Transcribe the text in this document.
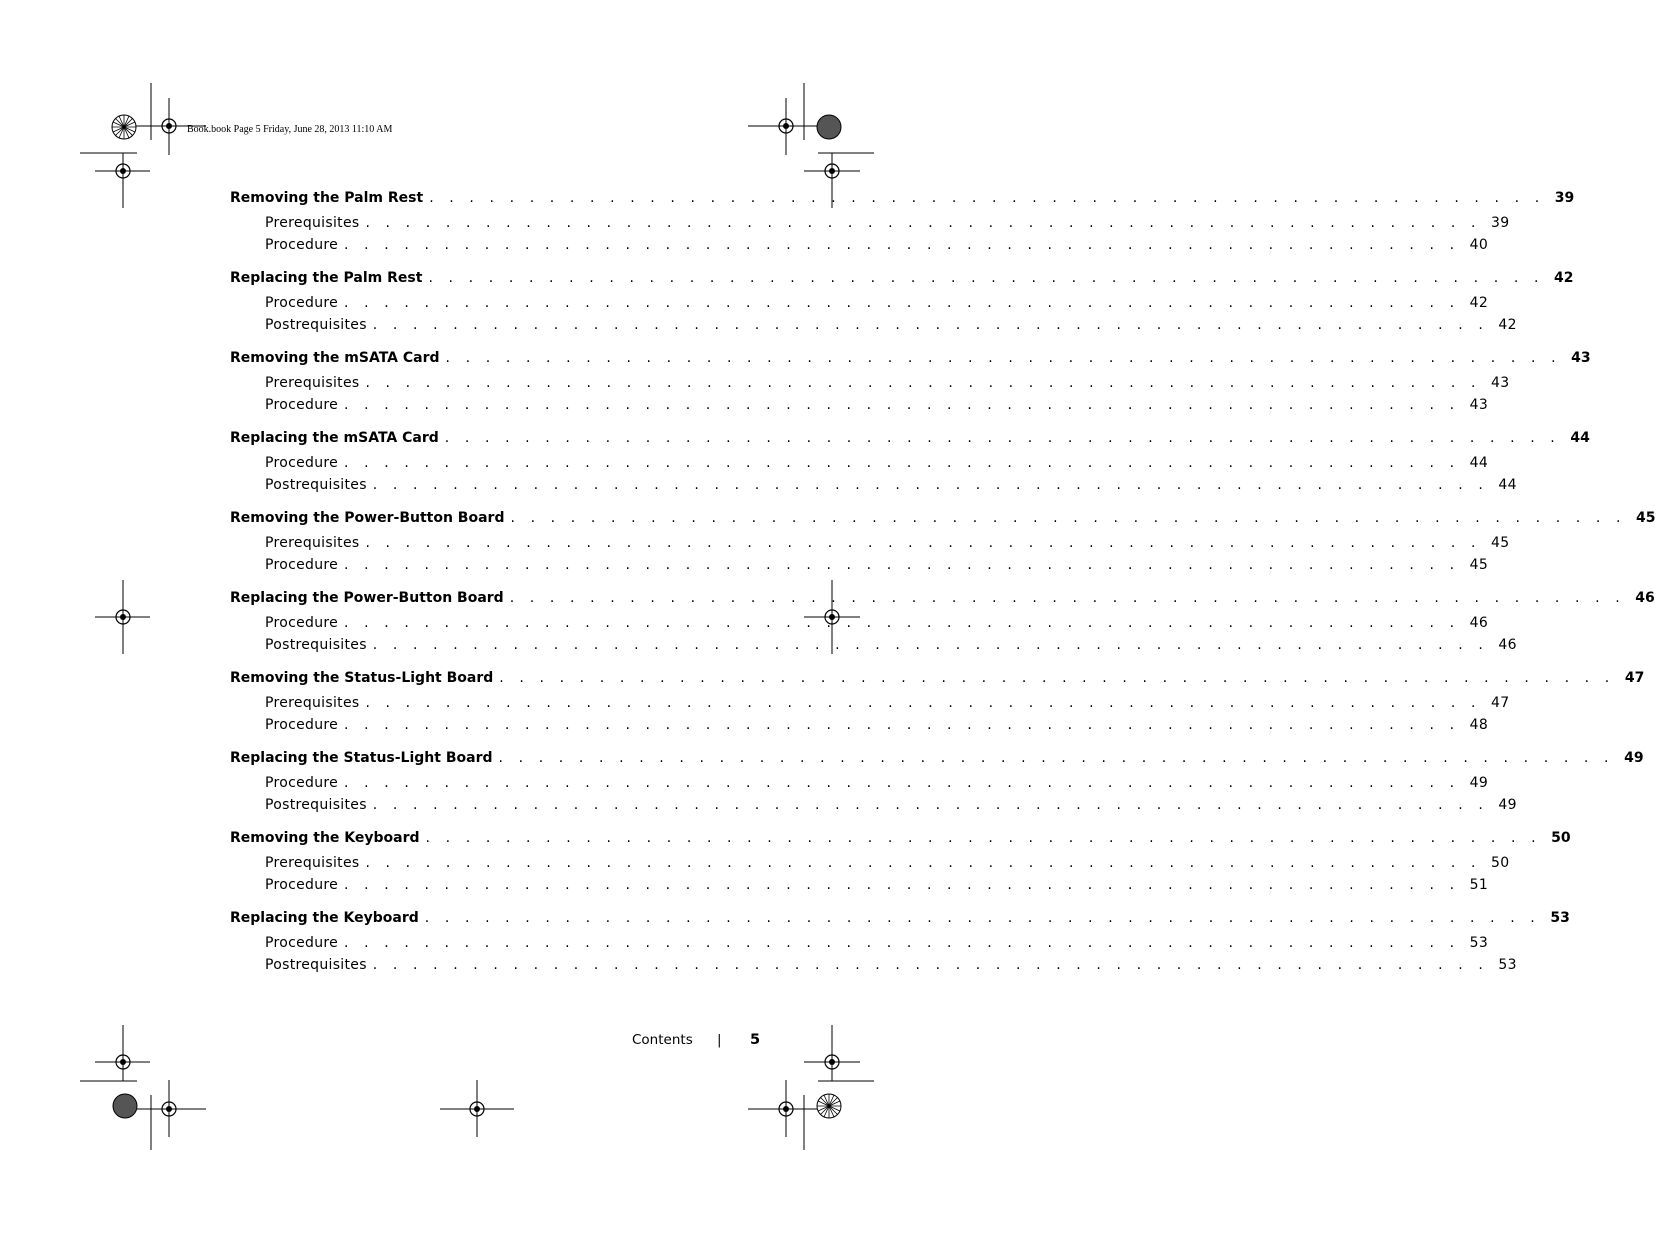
Book.book Page 5 Friday, June 28, 2013 11:10 AM
Removing the Palm Rest . . . . . . . . . . . . . . . . . . . . . . . . . . . . . . . . . . . . . . . . . . . . . . . . . . . . . . . . 39
Prerequisites . . . . . . . . . . . . . . . . . . . . . . . . . . . . . . . . . . . . . . . . . . . . . . . . . . . . . . . . 39
Procedure . . . . . . . . . . . . . . . . . . . . . . . . . . . . . . . . . . . . . . . . . . . . . . . . . . . . . . . . 40
Replacing the Palm Rest . . . . . . . . . . . . . . . . . . . . . . . . . . . . . . . . . . . . . . . . . . . . . . . . . . . . . . . . 42
Procedure . . . . . . . . . . . . . . . . . . . . . . . . . . . . . . . . . . . . . . . . . . . . . . . . . . . . . . . . 42
Postrequisites . . . . . . . . . . . . . . . . . . . . . . . . . . . . . . . . . . . . . . . . . . . . . . . . . . . . . . . . 42
Removing the mSATA Card . . . . . . . . . . . . . . . . . . . . . . . . . . . . . . . . . . . . . . . . . . . . . . . . . . . . . . . . 43
Prerequisites . . . . . . . . . . . . . . . . . . . . . . . . . . . . . . . . . . . . . . . . . . . . . . . . . . . . . . . . 43
Procedure . . . . . . . . . . . . . . . . . . . . . . . . . . . . . . . . . . . . . . . . . . . . . . . . . . . . . . . . 43
Replacing the mSATA Card . . . . . . . . . . . . . . . . . . . . . . . . . . . . . . . . . . . . . . . . . . . . . . . . . . . . . . . . 44
Procedure . . . . . . . . . . . . . . . . . . . . . . . . . . . . . . . . . . . . . . . . . . . . . . . . . . . . . . . . 44
Postrequisites . . . . . . . . . . . . . . . . . . . . . . . . . . . . . . . . . . . . . . . . . . . . . . . . . . . . . . . . 44
Removing the Power-Button Board . . . . . . . . . . . . . . . . . . . . . . . . . . . . . . . . . . . . . . . . . . . . . . . . . . . . . . . . 45
Prerequisites . . . . . . . . . . . . . . . . . . . . . . . . . . . . . . . . . . . . . . . . . . . . . . . . . . . . . . . . 45
Procedure . . . . . . . . . . . . . . . . . . . . . . . . . . . . . . . . . . . . . . . . . . . . . . . . . . . . . . . . 45
Replacing the Power-Button Board . . . . . . . . . . . . . . . . . . . . . . . . . . . . . . . . . . . . . . . . . . . . . . . . . . . . . . . . 46
Procedure . . . . . . . . . . . . . . . . . . . . . . . . . . . . . . . . . . . . . . . . . . . . . . . . . . . . . . . . 46
Postrequisites . . . . . . . . . . . . . . . . . . . . . . . . . . . . . . . . . . . . . . . . . . . . . . . . . . . . . . . . 46
Removing the Status-Light Board . . . . . . . . . . . . . . . . . . . . . . . . . . . . . . . . . . . . . . . . . . . . . . . . . . . . . . . . 47
Prerequisites . . . . . . . . . . . . . . . . . . . . . . . . . . . . . . . . . . . . . . . . . . . . . . . . . . . . . . . . 47
Procedure . . . . . . . . . . . . . . . . . . . . . . . . . . . . . . . . . . . . . . . . . . . . . . . . . . . . . . . . 48
Replacing the Status-Light Board . . . . . . . . . . . . . . . . . . . . . . . . . . . . . . . . . . . . . . . . . . . . . . . . . . . . . . . . 49
Procedure . . . . . . . . . . . . . . . . . . . . . . . . . . . . . . . . . . . . . . . . . . . . . . . . . . . . . . . . 49
Postrequisites . . . . . . . . . . . . . . . . . . . . . . . . . . . . . . . . . . . . . . . . . . . . . . . . . . . . . . . . 49
Removing the Keyboard . . . . . . . . . . . . . . . . . . . . . . . . . . . . . . . . . . . . . . . . . . . . . . . . . . . . . . . . 50
Prerequisites . . . . . . . . . . . . . . . . . . . . . . . . . . . . . . . . . . . . . . . . . . . . . . . . . . . . . . . . 50
Procedure . . . . . . . . . . . . . . . . . . . . . . . . . . . . . . . . . . . . . . . . . . . . . . . . . . . . . . . . 51
Replacing the Keyboard . . . . . . . . . . . . . . . . . . . . . . . . . . . . . . . . . . . . . . . . . . . . . . . . . . . . . . . . 53
Procedure . . . . . . . . . . . . . . . . . . . . . . . . . . . . . . . . . . . . . . . . . . . . . . . . . . . . . . . . 53
Postrequisites . . . . . . . . . . . . . . . . . . . . . . . . . . . . . . . . . . . . . . . . . . . . . . . . . . . . . . . . 53
Contents | 5
